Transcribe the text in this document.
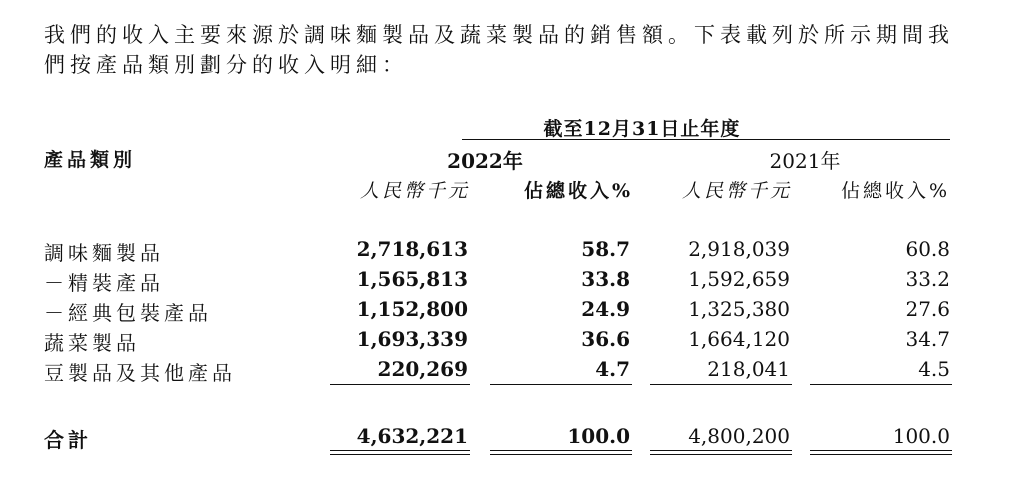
我們的收入主要來源於調味麵製品及蔬菜製品的銷售額。下表載列於所示期間我們按產品類別劃分的收入明細：

截至12月31日止年度
產品類別	2022年	2021年
人民幣千元	佔總收入%	人民幣千元	佔總收入%
調味麵製品	2,718,613	58.7	2,918,039	60.8
－精裝產品	1,565,813	33.8	1,592,659	33.2
－經典包裝產品	1,152,800	24.9	1,325,380	27.6
蔬菜製品	1,693,339	36.6	1,664,120	34.7
豆製品及其他產品	220,269	4.7	218,041	4.5
合計	4,632,221	100.0	4,800,200	100.0
